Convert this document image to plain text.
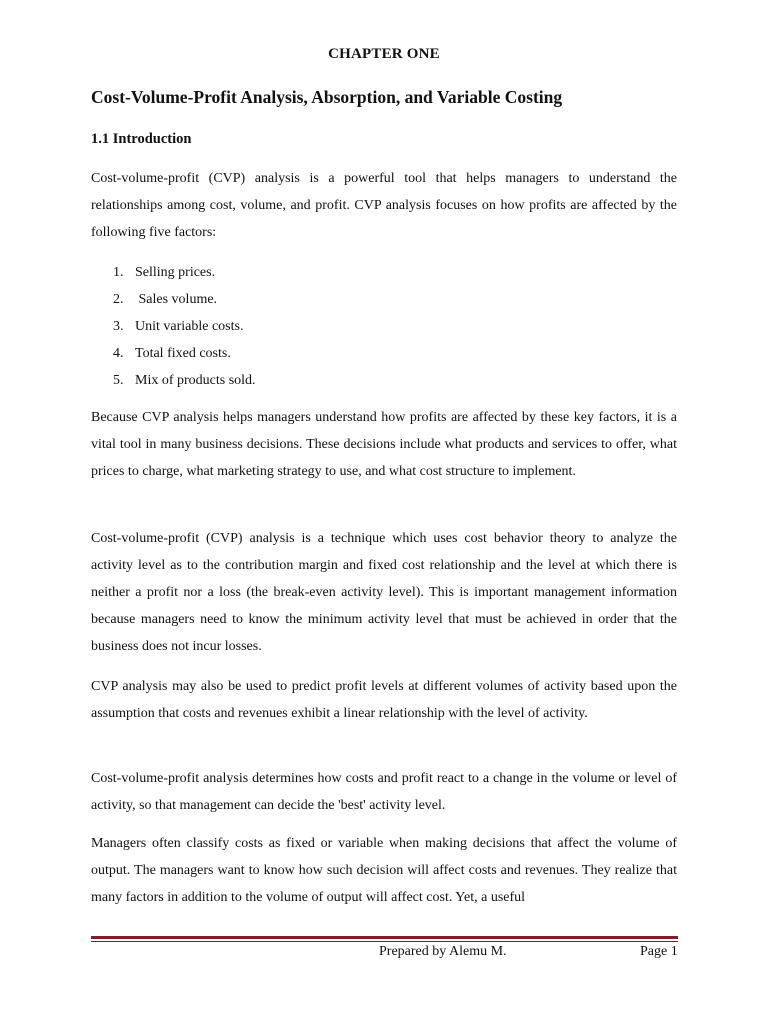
CHAPTER ONE
Cost-Volume-Profit Analysis, Absorption, and Variable Costing
1.1 Introduction

Cost-volume-profit (CVP) analysis is a powerful tool that helps managers to understand the relationships among cost, volume, and profit. CVP analysis focuses on how profits are affected by the following five factors:

1. Selling prices.
2. Sales volume.
3. Unit variable costs.
4. Total fixed costs.
5. Mix of products sold.

Because CVP analysis helps managers understand how profits are affected by these key factors, it is a vital tool in many business decisions. These decisions include what products and services to offer, what prices to charge, what marketing strategy to use, and what cost structure to implement.

Cost-volume-profit (CVP) analysis is a technique which uses cost behavior theory to analyze the activity level as to the contribution margin and fixed cost relationship and the level at which there is neither a profit nor a loss (the break-even activity level). This is important management information because managers need to know the minimum activity level that must be achieved in order that the business does not incur losses.

CVP analysis may also be used to predict profit levels at different volumes of activity based upon the assumption that costs and revenues exhibit a linear relationship with the level of activity.

Cost-volume-profit analysis determines how costs and profit react to a change in the volume or level of activity, so that management can decide the 'best' activity level.

Managers often classify costs as fixed or variable when making decisions that affect the volume of output. The managers want to know how such decision will affect costs and revenues. They realize that many factors in addition to the volume of output will affect cost. Yet, a useful

Prepared by Alemu M.	Page 1
